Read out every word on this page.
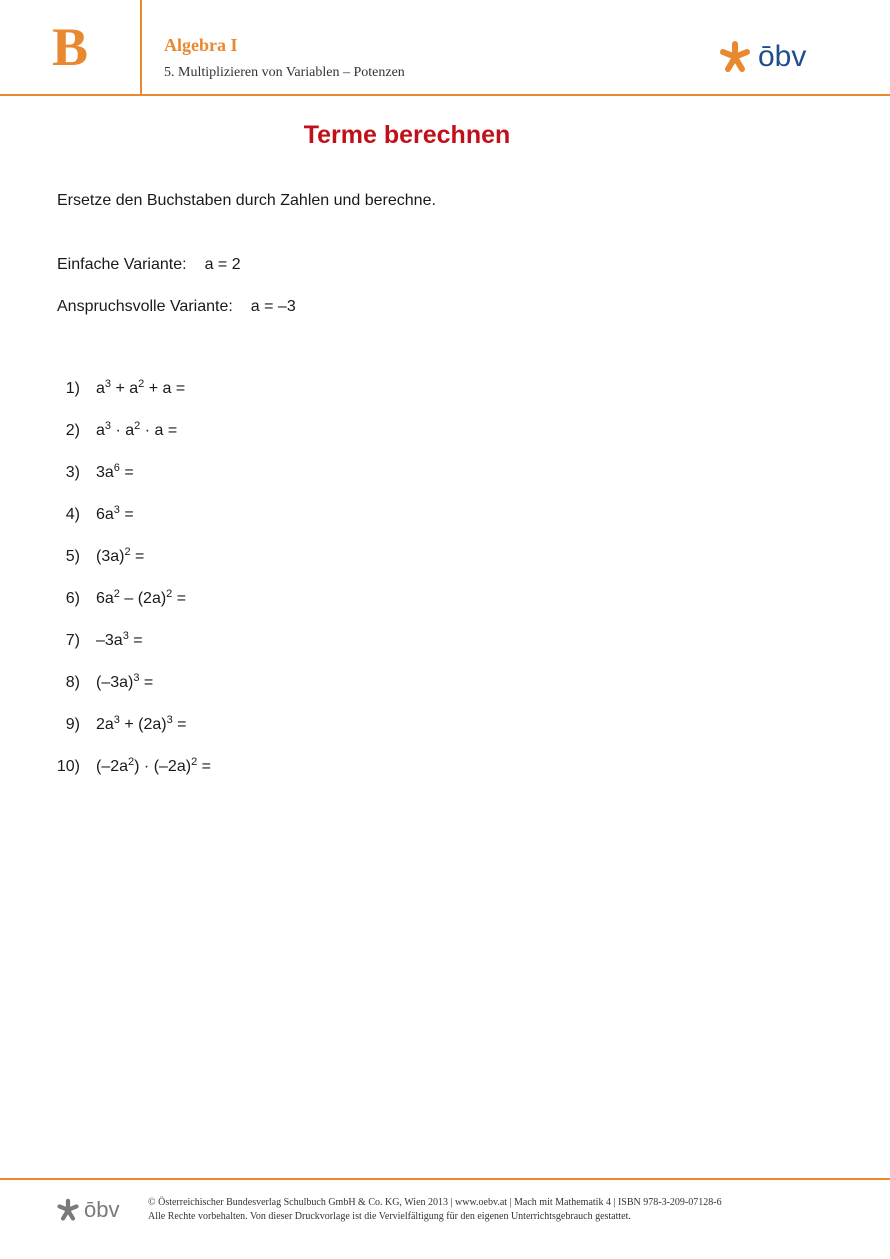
B	Algebra I
5. Multiplizieren von Variablen – Potenzen	ōbv
Terme berechnen
Ersetze den Buchstaben durch Zahlen und berechne.
Einfache Variante: a = 2
Anspruchsvolle Variante: a = –3
1) $a^3 + a^2 + a$ =
2) $a^3 \cdot a^2 \cdot a$ =
3) $3a^6$ =
4) $6a^3$ =
5) $(3a)^2$ =
6) $6a^2 - (2a)^2$ =
7) $-3a^3$ =
8) $(-3a)^3$ =
9) $2a^3 + (2a)^3$ =
10) $(-2a^2) \cdot (-2a)^2$ =
ōbv	© Österreichischer Bundesverlag Schulbuch GmbH & Co. KG, Wien 2013 | www.oebv.at | Mach mit Mathematik 4 | ISBN 978-3-209-07128-6
Alle Rechte vorbehalten. Von dieser Druckvorlage ist die Vervielfältigung für den eigenen Unterrichtsgebrauch gestattet.
